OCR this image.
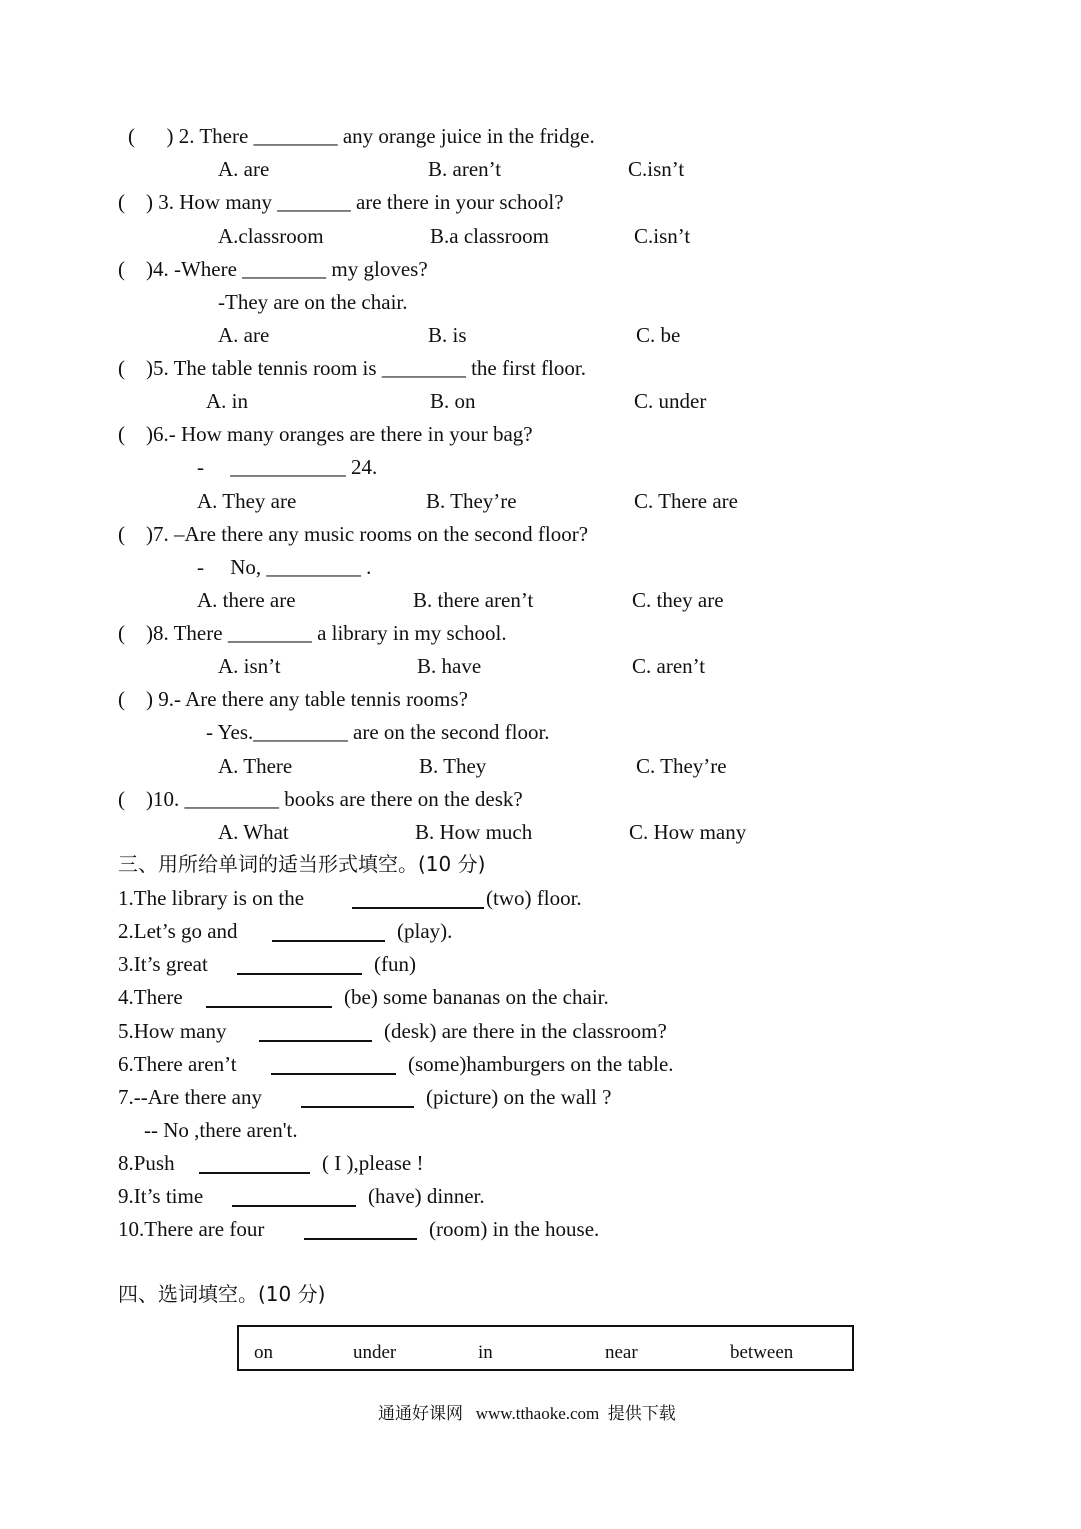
(      ) 2. There ________ any orange juice in the fridge.
A. are	B. aren’t	C.isn’t
(    ) 3. How many _______ are there in your school?
A.classroom	B.a classroom	C.isn’t
(    )4. -Where ________ my gloves?
-They are on the chair.
A. are	B. is	C. be
(    )5. The table tennis room is ________ the first floor.
A. in	B. on	C. under
(    )6.- How many oranges are there in your bag?
-     ___________ 24.
A. They are	B. They’re	C. There are
(    )7. –Are there any music rooms on the second floor?
-     No, _________ .
A. there are	B. there aren’t	C. they are
(    )8. There ________ a library in my school.
A. isn’t	B. have	C. aren’t
(    ) 9.- Are there any table tennis rooms?
- Yes._________ are on the second floor.
A. There	B. They	C. They’re
(    )10. _________ books are there on the desk?
A. What	B. How much	C. How many
三、用所给单词的适当形式填空。(10 分)
1.The library is on the	(two) floor.
2.Let’s go and	(play).
3.It’s great	(fun)
4.There	(be) some bananas on the chair.
5.How many	(desk) are there in the classroom?
6.There aren’t	(some)hamburgers on the table.
7.--Are there any	(picture) on the wall ?
-- No ,there aren't.
8.Push	( I ),please !
9.It’s time	(have) dinner.
10.There are four	(room) in the house.
四、选词填空。(10 分)
on	under	in	near	between
通通好课网   www.tthaoke.com  提供下载
